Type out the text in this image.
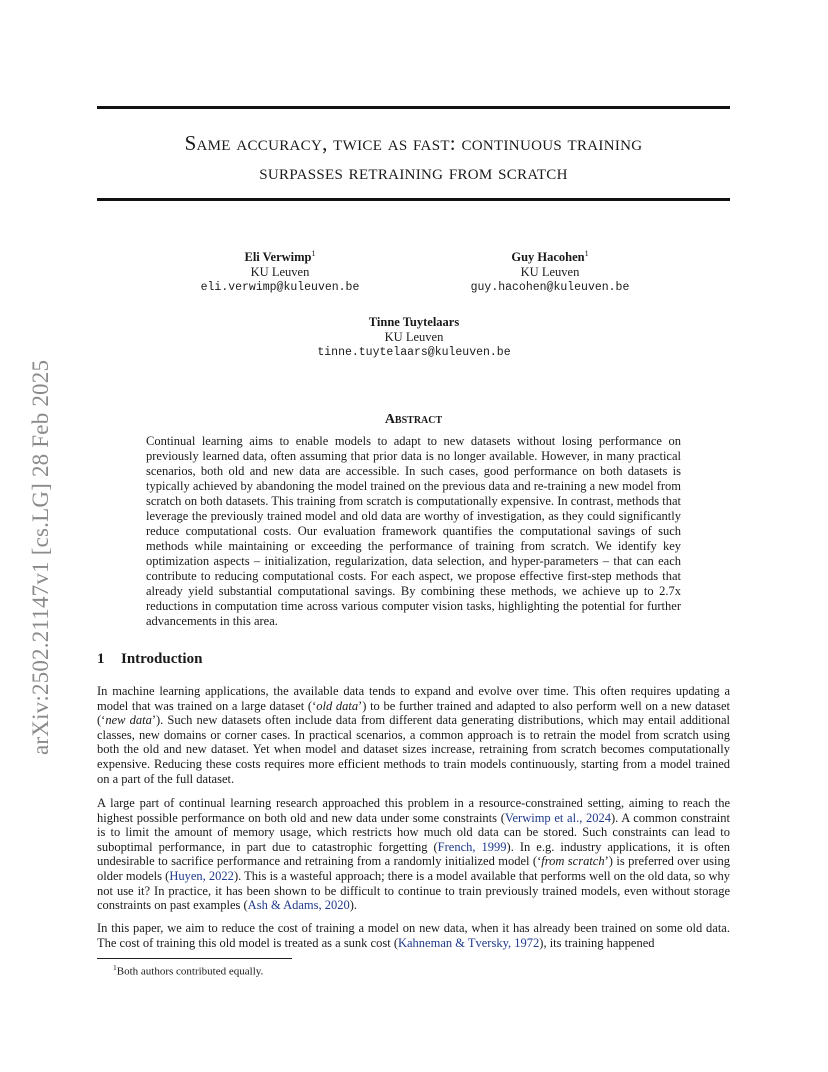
Same accuracy, twice as fast: continuous training
surpasses retraining from scratch
Eli Verwimp$^1$
KU Leuven
eli.verwimp@kuleuven.be
Guy Hacohen$^1$
KU Leuven
guy.hacohen@kuleuven.be
Tinne Tuytelaars
KU Leuven
tinne.tuytelaars@kuleuven.be
arXiv:2502.21147v1 [cs.LG] 28 Feb 2025	Abstract

Continual learning aims to enable models to adapt to new datasets without losing performance on previously learned data, often assuming that prior data is no longer available. However, in many practical scenarios, both old and new data are accessible. In such cases, good performance on both datasets is typically achieved by abandoning the model trained on the previous data and re-training a new model from scratch on both datasets. This training from scratch is computationally expensive. In contrast, methods that leverage the previously trained model and old data are worthy of investigation, as they could significantly reduce computational costs. Our evaluation framework quantifies the computational savings of such methods while maintaining or exceeding the performance of training from scratch. We identify key optimization aspects – initialization, regularization, data selection, and hyper-parameters – that can each contribute to reducing computational costs. For each aspect, we propose effective first-step methods that already yield substantial computational savings. By combining these methods, we achieve up to 2.7x reductions in computation time across various computer vision tasks, highlighting the potential for further advancements in this area.

1 Introduction

In machine learning applications, the available data tends to expand and evolve over time. This often requires updating a model that was trained on a large dataset (‘old data’) to be further trained and adapted to also perform well on a new dataset (‘new data’). Such new datasets often include data from different data generating distributions, which may entail additional classes, new domains or corner cases. In practical scenarios, a common approach is to retrain the model from scratch using both the old and new dataset. Yet when model and dataset sizes increase, retraining from scratch becomes computationally expensive. Reducing these costs requires more efficient methods to train models continuously, starting from a model trained on a part of the full dataset.

A large part of continual learning research approached this problem in a resource-constrained setting, aiming to reach the highest possible performance on both old and new data under some constraints (Verwimp et al., 2024). A common constraint is to limit the amount of memory usage, which restricts how much old data can be stored. Such constraints can lead to suboptimal performance, in part due to catastrophic forgetting (French, 1999). In e.g. industry applications, it is often undesirable to sacrifice performance and retraining from a randomly initialized model (‘from scratch’) is preferred over using older models (Huyen, 2022). This is a wasteful approach; there is a model available that performs well on the old data, so why not use it? In practice, it has been shown to be difficult to continue to train previously trained models, even without storage constraints on past examples (Ash & Adams, 2020).

In this paper, we aim to reduce the cost of training a model on new data, when it has already been trained on some old data. The cost of training this old model is treated as a sunk cost (Kahneman & Tversky, 1972), its training happened

$^1$Both authors contributed equally.
